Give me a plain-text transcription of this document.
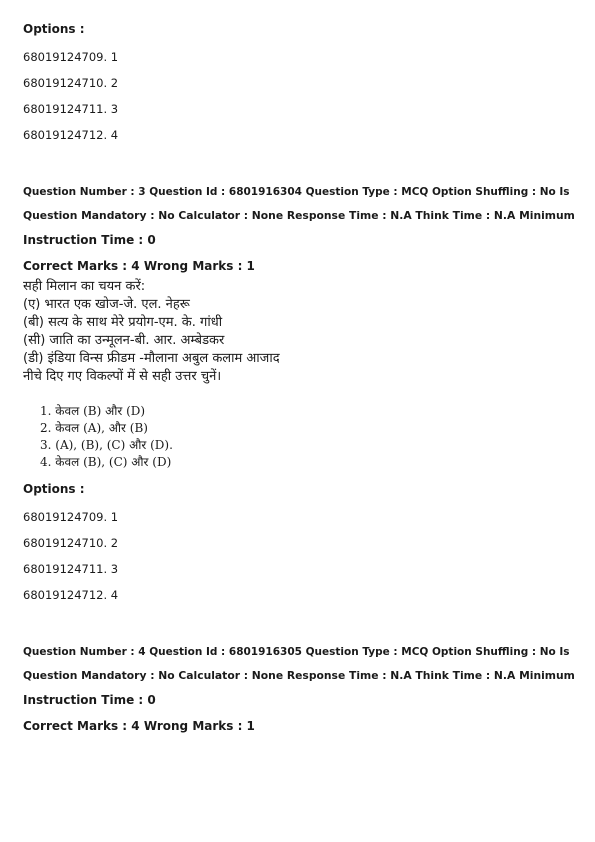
Options :
68019124709. 1
68019124710. 2
68019124711. 3
68019124712. 4
Question Number : 3 Question Id : 6801916304 Question Type : MCQ Option Shuffling : No Is
Question Mandatory : No Calculator : None Response Time : N.A Think Time : N.A Minimum
Instruction Time : 0
Correct Marks : 4 Wrong Marks : 1
सही मिलान का चयन करें:
(ए) भारत एक खोज-जे. एल. नेहरू
(बी) सत्य के साथ मेरे प्रयोग-एम. के. गांधी
(सी) जाति का उन्मूलन-बी. आर. अम्बेडकर
(डी) इंडिया विन्स फ्रीडम -मौलाना अबुल कलाम आजाद
नीचे दिए गए विकल्पों में से सही उत्तर चुनें।
1. केवल (B) और (D)
2. केवल (A), और (B)
3. (A), (B), (C) और (D).
4. केवल (B), (C) और (D)
Options :
68019124709. 1
68019124710. 2
68019124711. 3
68019124712. 4
Question Number : 4 Question Id : 6801916305 Question Type : MCQ Option Shuffling : No Is
Question Mandatory : No Calculator : None Response Time : N.A Think Time : N.A Minimum
Instruction Time : 0
Correct Marks : 4 Wrong Marks : 1
